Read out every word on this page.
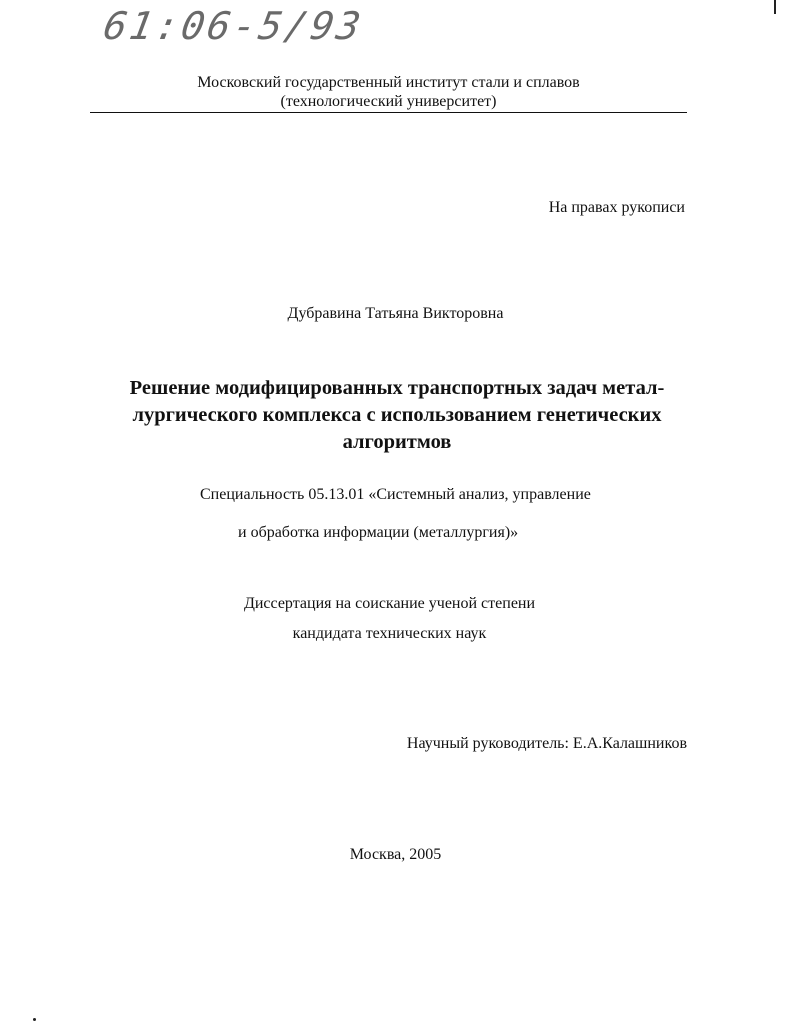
61:06-5/93
Московский государственный институт стали и сплавов
(технологический университет)
На правах рукописи
Дубравина Татьяна Викторовна
Решение модифицированных транспортных задач метал-
лургического комплекса с использованием генетических
алгоритмов
Специальность 05.13.01 «Системный анализ, управление
и обработка информации (металлургия)»
Диссертация на соискание ученой степени
кандидата технических наук
Научный руководитель: Е.А.Калашников
Москва, 2005
